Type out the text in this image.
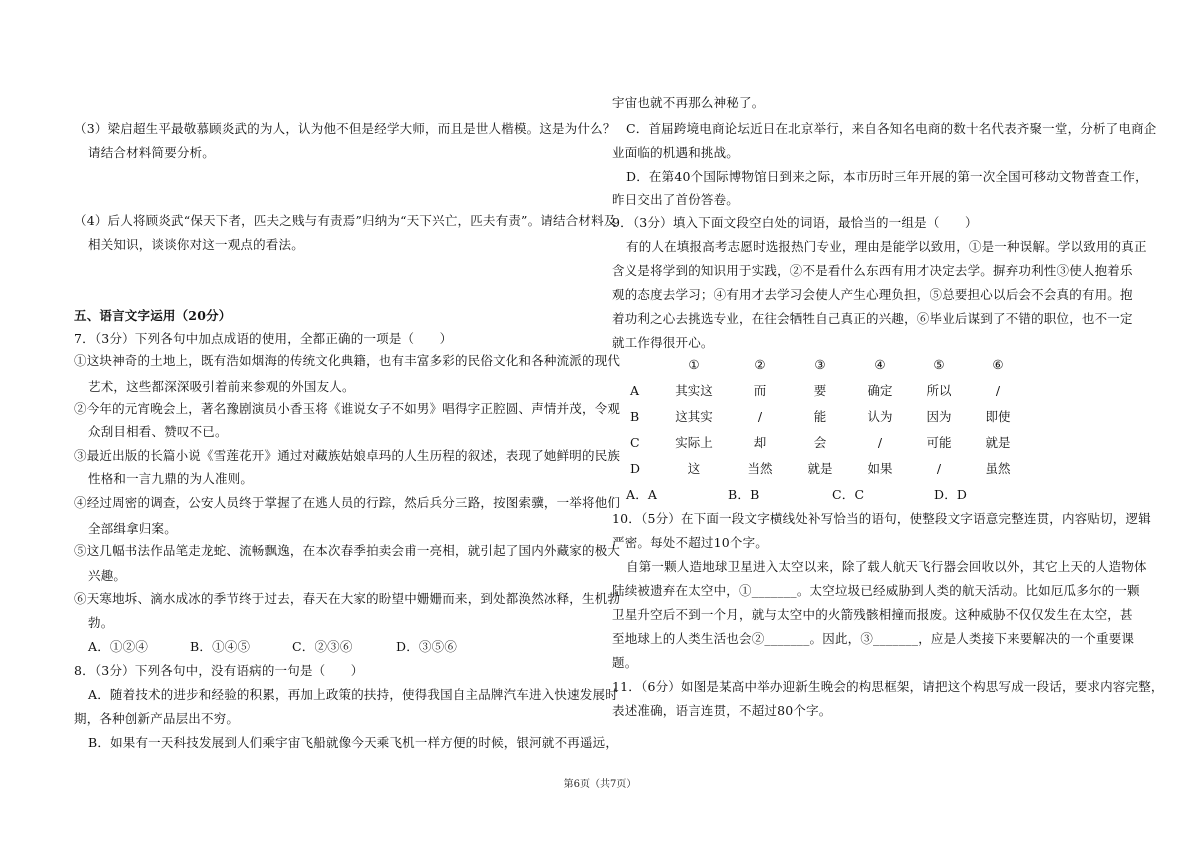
（3）梁启超生平最敬慕顾炎武的为人，认为他不但是经学大师，而且是世人楷模。这是为什么？
请结合材料简要分析。
（4）后人将顾炎武“保天下者，匹夫之贱与有责焉”归纳为“天下兴亡，匹夫有责”。请结合材料及
相关知识，谈谈你对这一观点的看法。
五、语言文字运用（20分）
7．（3分）下列各句中加点成语的使用，全都正确的一项是（　　）
①这块神奇的土地上，既有浩如烟海的传统文化典籍，也有丰富多彩的民俗文化和各种流派的现代
艺术，这些都深深吸引着前来参观的外国友人。
②今年的元宵晚会上，著名豫剧演员小香玉将《谁说女子不如男》唱得字正腔圆、声情并茂，令观
众刮目相看、赞叹不已。
③最近出版的长篇小说《雪莲花开》通过对藏族姑娘卓玛的人生历程的叙述，表现了她鲜明的民族
性格和一言九鼎的为人准则。
④经过周密的调查，公安人员终于掌握了在逃人员的行踪，然后兵分三路，按图索骥，一举将他们
全部缉拿归案。
⑤这几幅书法作品笔走龙蛇、流畅飘逸，在本次春季拍卖会甫一亮相，就引起了国内外藏家的极大
兴趣。
⑥天寒地坼、滴水成冰的季节终于过去，春天在大家的盼望中姗姗而来，到处都涣然冰释，生机勃
勃。
A．①②④	B．①④⑤	C．②③⑥	D．③⑤⑥
8．（3分）下列各句中，没有语病的一句是（　　）
A．随着技术的进步和经验的积累，再加上政策的扶持，使得我国自主品牌汽车进入快速发展时
期，各种创新产品层出不穷。
B．如果有一天科技发展到人们乘宇宙飞船就像今天乘飞机一样方便的时候，银河就不再遥远，
宇宙也就不再那么神秘了。
C．首届跨境电商论坛近日在北京举行，来自各知名电商的数十名代表齐聚一堂，分析了电商企
业面临的机遇和挑战。
D．在第40个国际博物馆日到来之际，本市历时三年开展的第一次全国可移动文物普查工作，
昨日交出了首份答卷。
9．（3分）填入下面文段空白处的词语，最恰当的一组是（　　）
有的人在填报高考志愿时选报热门专业，理由是能学以致用，①是一种误解。学以致用的真正
含义是将学到的知识用于实践，②不是看什么东西有用才决定去学。摒弃功利性③使人抱着乐
观的态度去学习；④有用才去学习会使人产生心理负担，⑤总要担心以后会不会真的有用。抱
着功利之心去挑选专业，在往会牺牲自己真正的兴趣，⑥毕业后谋到了不错的职位，也不一定
就工作得很开心。
①	②	③	④	⑤	⑥
A	其实这	而	要	确定	所以	/
B	这其实	/	能	认为	因为	即使
C	实际上	却	会	/	可能	就是
D	这	当然	就是	如果	/	虽然
A．A	B．B	C．C	D．D
10．（5分）在下面一段文字横线处补写恰当的语句，使整段文字语意完整连贯，内容贴切，逻辑
严密。每处不超过10个字。
自第一颗人造地球卫星进入太空以来，除了载人航天飞行器会回收以外，其它上天的人造物体
陆续被遗弃在太空中，①_______。太空垃圾已经威胁到人类的航天活动。比如厄瓜多尔的一颗
卫星升空后不到一个月，就与太空中的火箭残骸相撞而报废。这种威胁不仅仅发生在太空，甚
至地球上的人类生活也会②_______。因此，③_______，应是人类接下来要解决的一个重要课
题。
11．（6分）如图是某高中举办迎新生晚会的构思框架，请把这个构思写成一段话，要求内容完整，
表述准确，语言连贯，不超过80个字。
第6页（共7页）
